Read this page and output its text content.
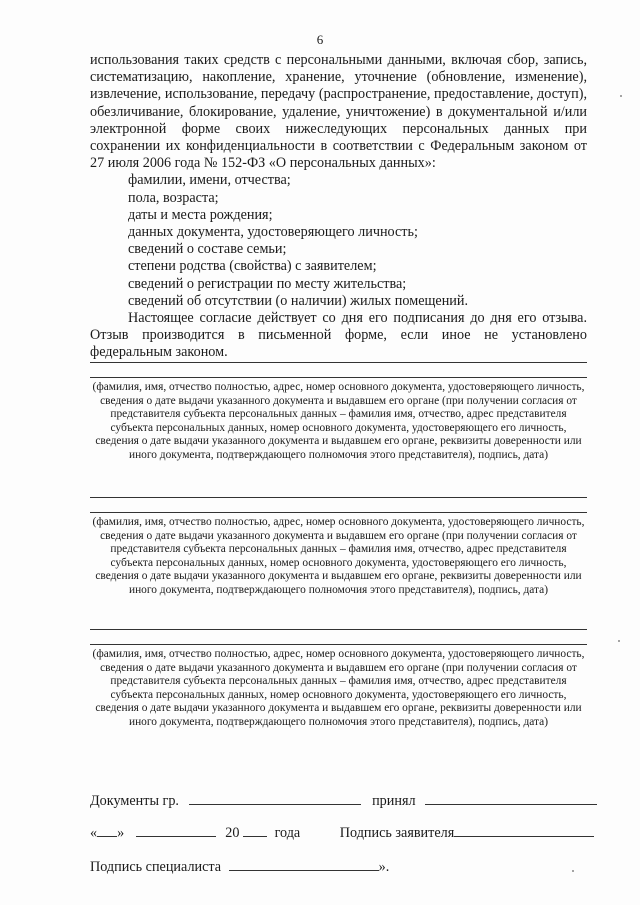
6

использования таких средств с персональными данными, включая сбор, запись, систематизацию, накопление, хранение, уточнение (обновление, изменение), извлечение, использование, передачу (распространение, предоставление, доступ), обезличивание, блокирование, удаление, уничтожение) в документальной и/или электронной форме своих нижеследующих персональных данных при сохранении их конфиденциальности в соответствии с Федеральным законом от 27 июля 2006 года № 152-ФЗ «О персональных данных»:

фамилии, имени, отчества;
пола, возраста;
даты и места рождения;
данных документа, удостоверяющего личность;
сведений о составе семьи;
степени родства (свойства) с заявителем;
сведений о регистрации по месту жительства;
сведений об отсутствии (о наличии) жилых помещений.

Настоящее согласие действует со дня его подписания до дня его отзыва. Отзыв производится в письменной форме, если иное не установлено федеральным законом.

(фамилия, имя, отчество полностью, адрес, номер основного документа, удостоверяющего личность, сведения о дате выдачи указанного документа и выдавшем его органе (при получении согласия от представителя субъекта персональных данных – фамилия имя, отчество, адрес представителя субъекта персональных данных, номер основного документа, удостоверяющего его личность, сведения о дате выдачи указанного документа и выдавшем его органе, реквизиты доверенности или иного документа, подтверждающего полномочия этого представителя), подпись, дата)
(фамилия, имя, отчество полностью, адрес, номер основного документа, удостоверяющего личность, сведения о дате выдачи указанного документа и выдавшем его органе (при получении согласия от представителя субъекта персональных данных – фамилия имя, отчество, адрес представителя субъекта персональных данных, номер основного документа, удостоверяющего его личность, сведения о дате выдачи указанного документа и выдавшем его органе, реквизиты доверенности или иного документа, подтверждающего полномочия этого представителя), подпись, дата)
(фамилия, имя, отчество полностью, адрес, номер основного документа, удостоверяющего личность, сведения о дате выдачи указанного документа и выдавшем его органе (при получении согласия от представителя субъекта персональных данных – фамилия имя, отчество, адрес представителя субъекта персональных данных, номер основного документа, удостоверяющего его личность, сведения о дате выдачи указанного документа и выдавшем его органе, реквизиты доверенности или иного документа, подтверждающего полномочия этого представителя), подпись, дата)
Документы гр.	принял
« »	20 года	Подпись заявителя
Подпись специалиста	».
